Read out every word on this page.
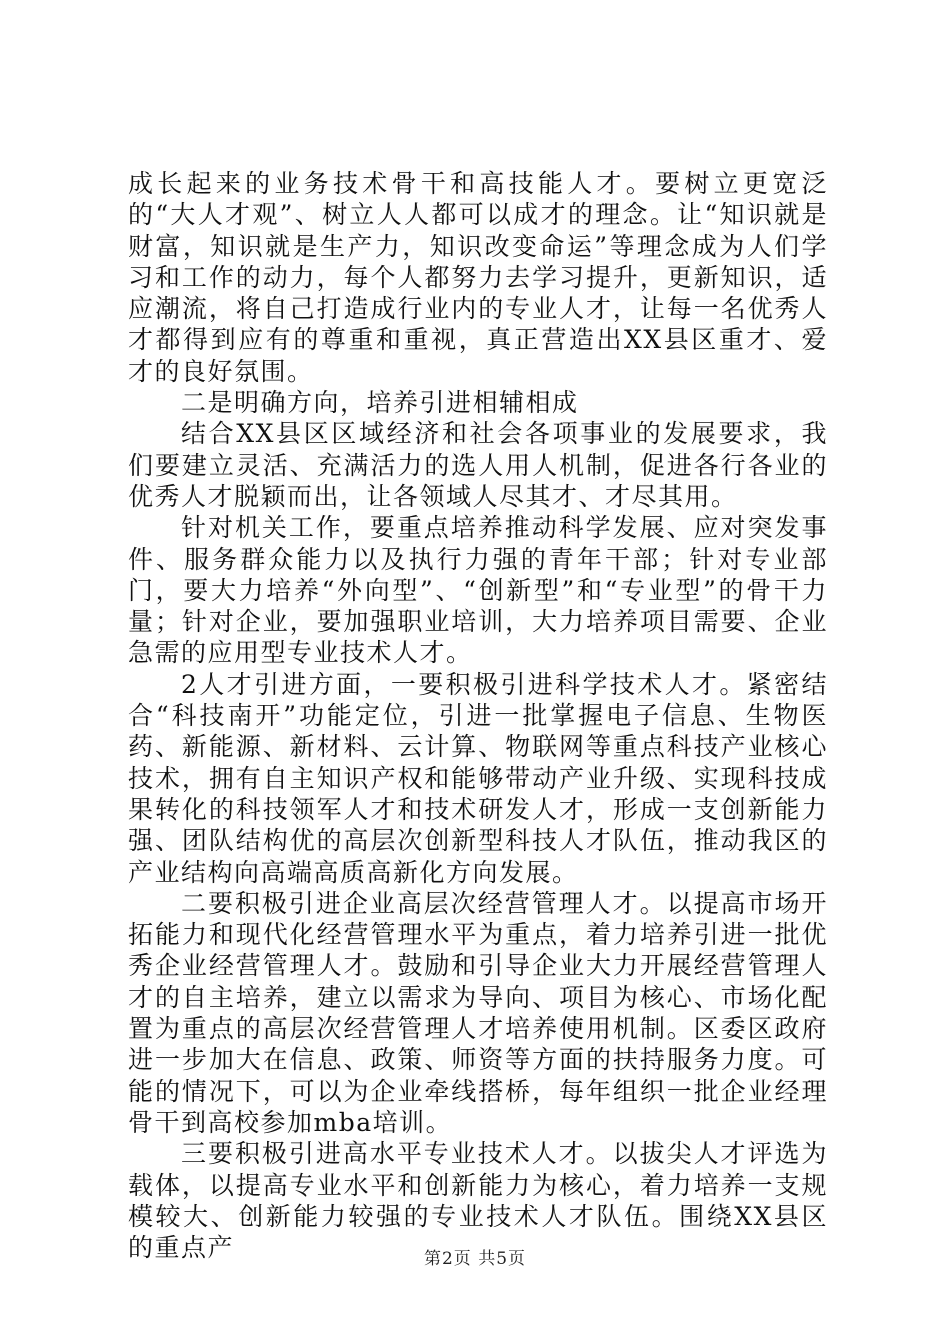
成长起来的业务技术骨干和高技能人才。要树立更宽泛的“大人才观”、树立人人都可以成才的理念。让“知识就是财富，知识就是生产力，知识改变命运”等理念成为人们学习和工作的动力，每个人都努力去学习提升，更新知识，适应潮流，将自己打造成行业内的专业人才，让每一名优秀人才都得到应有的尊重和重视，真正营造出XX县区重才、爱才的良好氛围。

二是明确方向，培养引进相辅相成

结合XX县区区域经济和社会各项事业的发展要求，我们要建立灵活、充满活力的选人用人机制，促进各行各业的优秀人才脱颖而出，让各领域人尽其才、才尽其用。

针对机关工作，要重点培养推动科学发展、应对突发事件、服务群众能力以及执行力强的青年干部；针对专业部门，要大力培养“外向型”、“创新型”和“专业型”的骨干力量；针对企业，要加强职业培训，大力培养项目需要、企业急需的应用型专业技术人才。

2人才引进方面，一要积极引进科学技术人才。紧密结合“科技南开”功能定位，引进一批掌握电子信息、生物医药、新能源、新材料、云计算、物联网等重点科技产业核心技术，拥有自主知识产权和能够带动产业升级、实现科技成果转化的科技领军人才和技术研发人才，形成一支创新能力强、团队结构优的高层次创新型科技人才队伍，推动我区的产业结构向高端高质高新化方向发展。

二要积极引进企业高层次经营管理人才。以提高市场开拓能力和现代化经营管理水平为重点，着力培养引进一批优秀企业经营管理人才。鼓励和引导企业大力开展经营管理人才的自主培养，建立以需求为导向、项目为核心、市场化配置为重点的高层次经营管理人才培养使用机制。区委区政府进一步加大在信息、政策、师资等方面的扶持服务力度。可能的情况下，可以为企业牵线搭桥，每年组织一批企业经理骨干到高校参加mba培训。

三要积极引进高水平专业技术人才。以拔尖人才评选为载体，以提高专业水平和创新能力为核心，着力培养一支规模较大、创新能力较强的专业技术人才队伍。围绕XX县区的重点产	第2页 共5页
